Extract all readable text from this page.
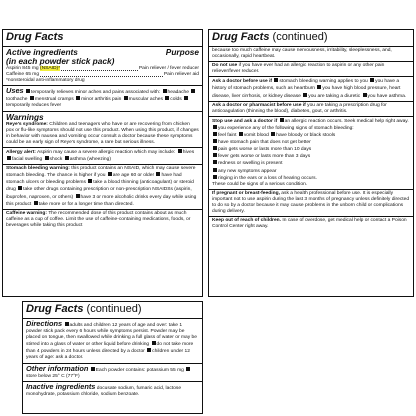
Drug Facts
Active ingredients	Purpose
(in each powder stick pack)
Aspirin 845 mg (NSAID)*	Pain reliever / fever reducer
Caffeine 65 mg	Pain reliever aid
*nonsteroidal anti-inflammatory drug
Uses temporarily relieves minor aches and pains associated with: headache toothache menstrual cramps minor arthritis pain muscular aches colds temporarily reduces fever
Warnings

Reye's syndrome: Children and teenagers who have or are recovering from chicken pox or flu-like symptoms should not use this product. When using this product, if changes in behavior with nausea and vomiting occur consult a doctor because these symptoms could be an early sign of Reye's syndrome, a rare but serious illness.

Allergy alert: Aspirin may cause a severe allergic reaction which may include: hives facial swelling shock asthma (wheezing)
Stomach bleeding warning: this product contains an NSAID, which may cause severe stomach bleeding. The chance is higher if you are age 60 or older have had stomach ulcers or bleeding problems take a blood thinning (anticoagulant) or steroid drug take other drugs containing prescription or non-prescription NSAIDSs (aspirin, ibuprofen, naproxen, or others) have 3 or more alcoholic drinks every day while using this product take more or for a longer time than directed.
Caffeine warning: The recommended dose of this product contains about as much caffeine as a cup of coffee. Limit the use of caffeine-containing medications, foods, or beverages while taking this product
Drug Facts (continued)
because too much caffeine may cause nervousness, irritability, sleeplessness, and, occasionally, rapid heartbeat.
Do not use if you have ever had an allergic reaction to aspirin or any other pain reliever/fever reducer.
Ask a doctor before use if stomach bleeding warning applies to you you have a history of stomach problems, such as heartburn you have high blood pressure, heart disease, liver cirrhosis, or kidney disease you are taking a diuretic you have asthma.
Ask a doctor or pharmacist before use if you are taking a prescription drug for anticoagulation (thinning the blood), diabetes, gout, or arthritis.
Stop use and ask a doctor if an allergic reaction occurs. Seek medical help right away.
you experience any of the following signs of stomach bleeding:
feel faint vomit blood have bloody or black stools
have stomach pain that does not get better
pain gets worse or lasts more than 10 days
fever gets worse or lasts more than 3 days
redness or swelling is present
any new symptoms appear
ringing in the ears or a loss of hearing occurs.
These could be signs of a serious condition.
If pregnant or breast-feeding, ask a health professional before use. It is especially important not to use aspirin during the last 3 months of pregnancy unless definitely directed to do so by a doctor because it may cause problems in the unborn child or complications during delivery.
Keep out of reach of children. In case of overdose, get medical help or contact a Poison Control Center right away.
Drug Facts (continued)
Directions adults and children 12 years of age and over: take 1 powder stick pack every 6 hours while symptoms persist. Powder may be placed on tongue, then swallowed while drinking a full glass of water or may be stirred into a glass of water or other liquid before drinking do not take more than 4 powders in 24 hours unless directed by a doctor children under 12 years of age: ask a doctor.
Other information Each powder contains: potassium 55 mg store below 25° C (77°F)
Inactive ingredients docusate sodium, fumaric acid, lactose monohydrate, potassium chloride, sodium benzoate.
